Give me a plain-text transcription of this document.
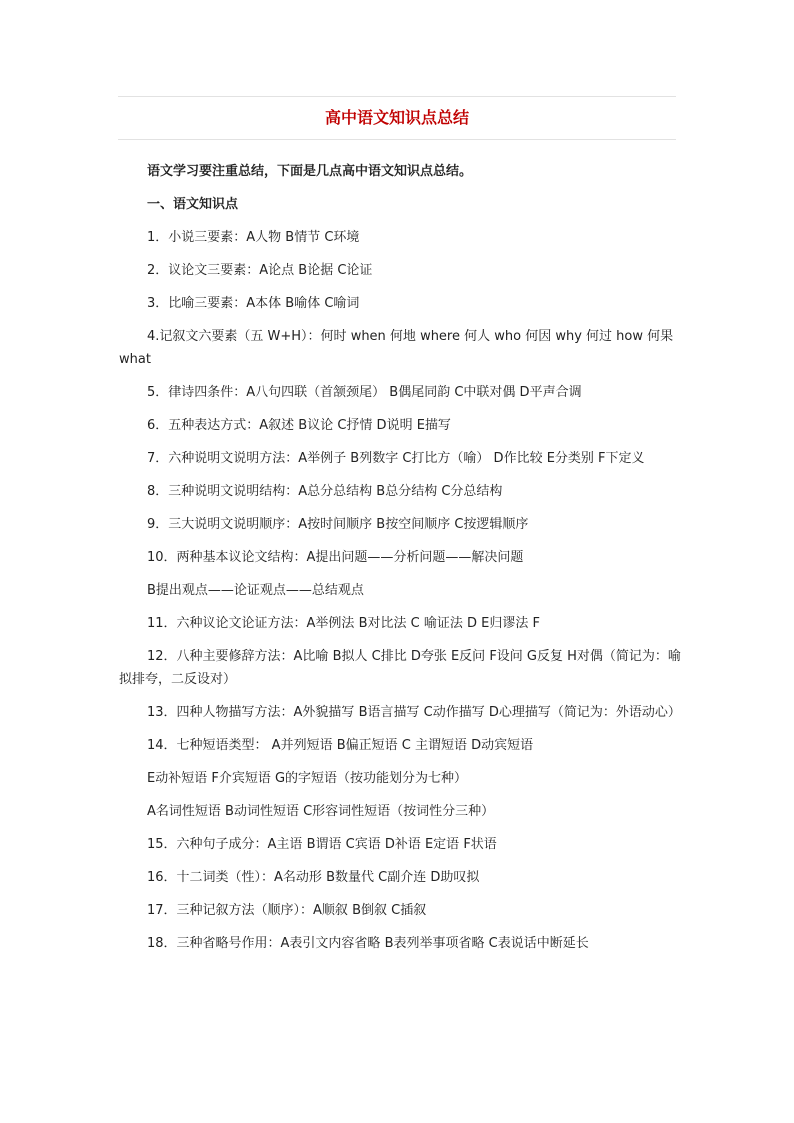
高中语文知识点总结

语文学习要注重总结，下面是几点高中语文知识点总结。

一、语文知识点

1．小说三要素：A人物 B情节 C环境

2．议论文三要素：A论点 B论据 C论证

3．比喻三要素：A本体 B喻体 C喻词

4.记叙文六要素（五 W+H）：何时 when 何地 where 何人 who 何因 why 何过 how 何果 what

5．律诗四条件：A八句四联（首颔颈尾） B偶尾同韵 C中联对偶 D平声合调

6．五种表达方式：A叙述 B议论 C抒情 D说明 E描写

7．六种说明文说明方法：A举例子 B列数字 C打比方（喻） D作比较 E分类别 F下定义

8．三种说明文说明结构：A总分总结构 B总分结构 C分总结构

9．三大说明文说明顺序：A按时间顺序 B按空间顺序 C按逻辑顺序

10．两种基本议论文结构：A提出问题——分析问题——解决问题

B提出观点——论证观点——总结观点

11．六种议论文论证方法：A举例法 B对比法 C 喻证法 D E归谬法 F

12．八种主要修辞方法：A比喻 B拟人 C排比 D夸张 E反问 F设问 G反复 H对偶（简记为：喻拟排夸，二反设对）

13．四种人物描写方法：A外貌描写 B语言描写 C动作描写 D心理描写（简记为：外语动心）

14．七种短语类型： A并列短语 B偏正短语 C 主谓短语 D动宾短语

E动补短语 F介宾短语 G的字短语（按功能划分为七种）

A名词性短语 B动词性短语 C形容词性短语（按词性分三种）

15．六种句子成分：A主语 B谓语 C宾语 D补语 E定语 F状语

16．十二词类（性）：A名动形 B数量代 C副介连 D助叹拟

17．三种记叙方法（顺序）：A顺叙 B倒叙 C插叙

18．三种省略号作用：A表引文内容省略 B表列举事项省略 C表说话中断延长
